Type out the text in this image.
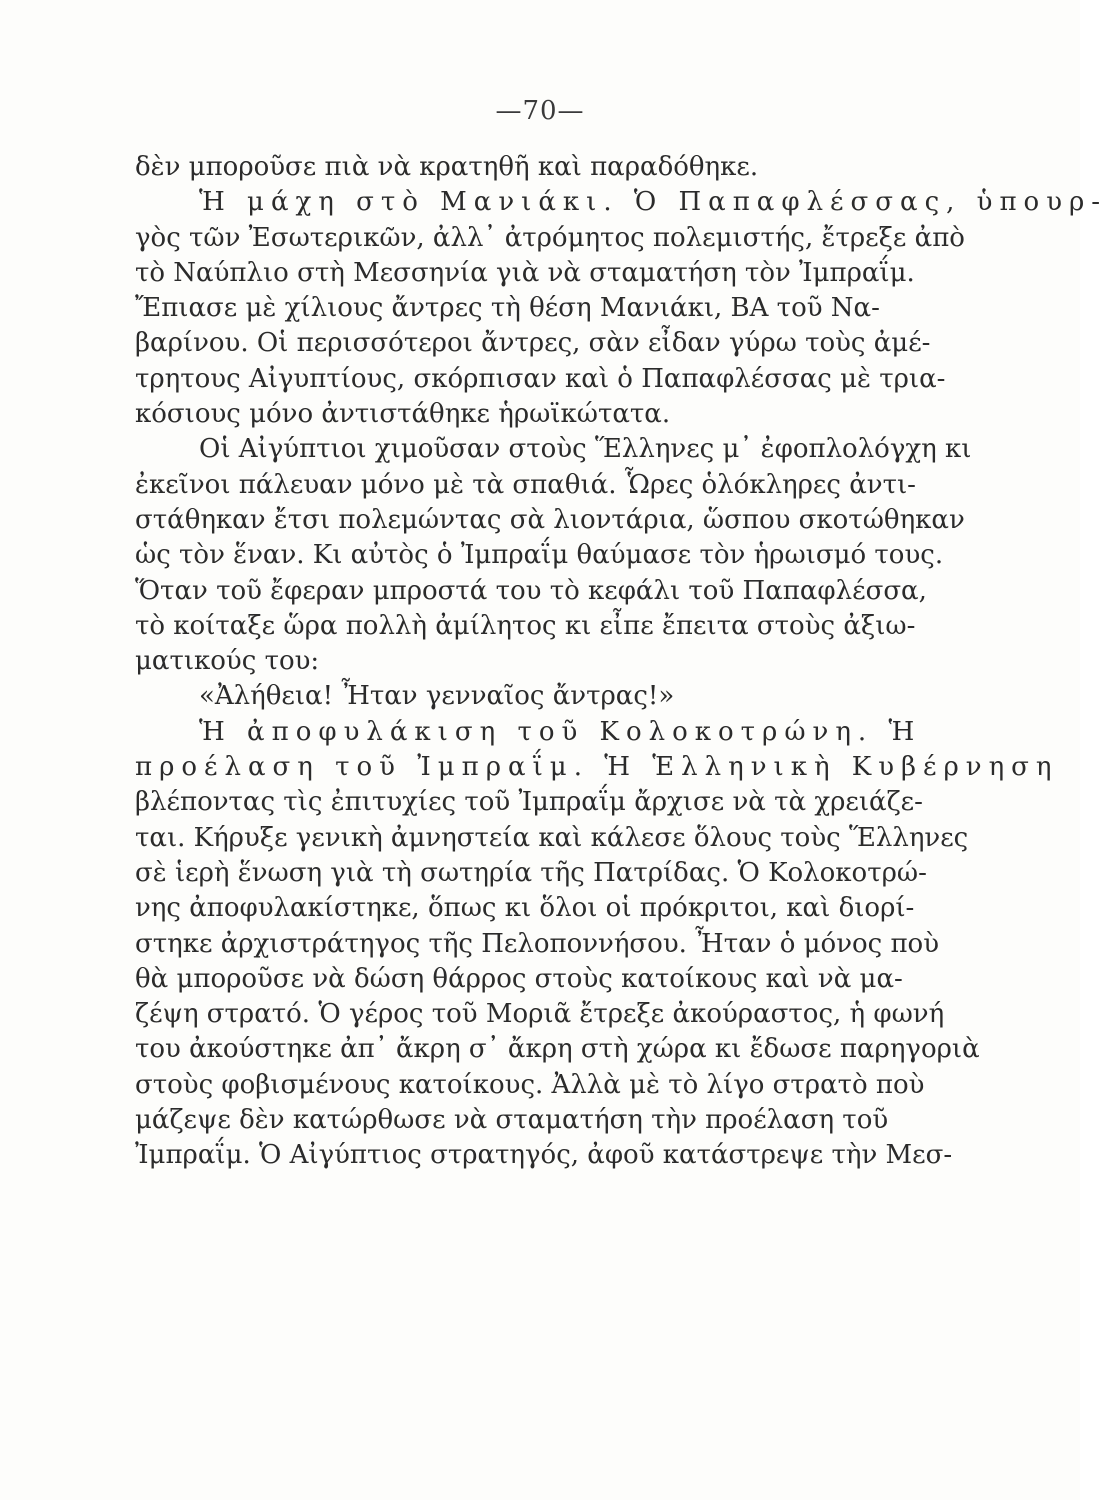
—70—
δὲν μποροῦσε πιὰ νὰ κρατηθῆ καὶ παραδόθηκε.
Ἡ μάχη στὸ Μανιάκι. Ὁ Παπαφλέσσας, ὑπουρ-
γὸς τῶν Ἐσωτερικῶν, ἀλλ᾽ ἀτρόμητος πολεμιστής, ἔτρεξε ἀπὸ
τὸ Ναύπλιο στὴ Μεσσηνία γιὰ νὰ σταματήση τὸν Ἰμπραΐμ.
Ἔπιασε μὲ χίλιους ἄντρες τὴ θέση Μανιάκι, ΒΑ τοῦ Να-
βαρίνου. Οἱ περισσότεροι ἄντρες, σὰν εἶδαν γύρω τοὺς ἀμέ-
τρητους Αἰγυπτίους, σκόρπισαν καὶ ὁ Παπαφλέσσας μὲ τρια-
κόσιους μόνο ἀντιστάθηκε ἡρωϊκώτατα.
Οἱ Αἰγύπτιοι χιμοῦσαν στοὺς Ἕλληνες μ᾽ ἐφοπλολόγχη κι
ἐκεῖνοι πάλευαν μόνο μὲ τὰ σπαθιά. Ὧρες ὁλόκληρες ἀντι-
στάθηκαν ἔτσι πολεμώντας σὰ λιοντάρια, ὥσπου σκοτώθηκαν
ὡς τὸν ἕναν. Κι αὐτὸς ὁ Ἰμπραΐμ θαύμασε τὸν ἡρωισμό τους.
Ὅταν τοῦ ἔφεραν μπροστά του τὸ κεφάλι τοῦ Παπαφλέσσα,
τὸ κοίταξε ὥρα πολλὴ ἀμίλητος κι εἶπε ἔπειτα στοὺς ἀξιω-
ματικούς του:
«Ἀλήθεια! Ἦταν γενναῖος ἄντρας!»
Ἡ ἀποφυλάκιση τοῦ Κολοκοτρώνη. Ἡ
προέλαση τοῦ Ἰμπραΐμ. Ἡ Ἑλληνικὴ Κυβέρνηση
βλέποντας τὶς ἐπιτυχίες τοῦ Ἰμπραΐμ ἄρχισε νὰ τὰ χρειάζε-
ται. Κήρυξε γενικὴ ἀμνηστεία καὶ κάλεσε ὅλους τοὺς Ἕλληνες
σὲ ἱερὴ ἕνωση γιὰ τὴ σωτηρία τῆς Πατρίδας. Ὁ Κολοκοτρώ-
νης ἀποφυλακίστηκε, ὅπως κι ὅλοι οἱ πρόκριτοι, καὶ διορί-
στηκε ἀρχιστράτηγος τῆς Πελοποννήσου. Ἦταν ὁ μόνος ποὺ
θὰ μποροῦσε νὰ δώση θάρρος στοὺς κατοίκους καὶ νὰ μα-
ζέψη στρατό. Ὁ γέρος τοῦ Μοριᾶ ἔτρεξε ἀκούραστος, ἡ φωνή
του ἀκούστηκε ἀπ᾽ ἄκρη σ᾽ ἄκρη στὴ χώρα κι ἔδωσε παρηγοριὰ
στοὺς φοβισμένους κατοίκους. Ἀλλὰ μὲ τὸ λίγο στρατὸ ποὺ
μάζεψε δὲν κατώρθωσε νὰ σταματήση τὴν προέλαση τοῦ
Ἰμπραΐμ. Ὁ Αἰγύπτιος στρατηγός, ἀφοῦ κατάστρεψε τὴν Μεσ-
